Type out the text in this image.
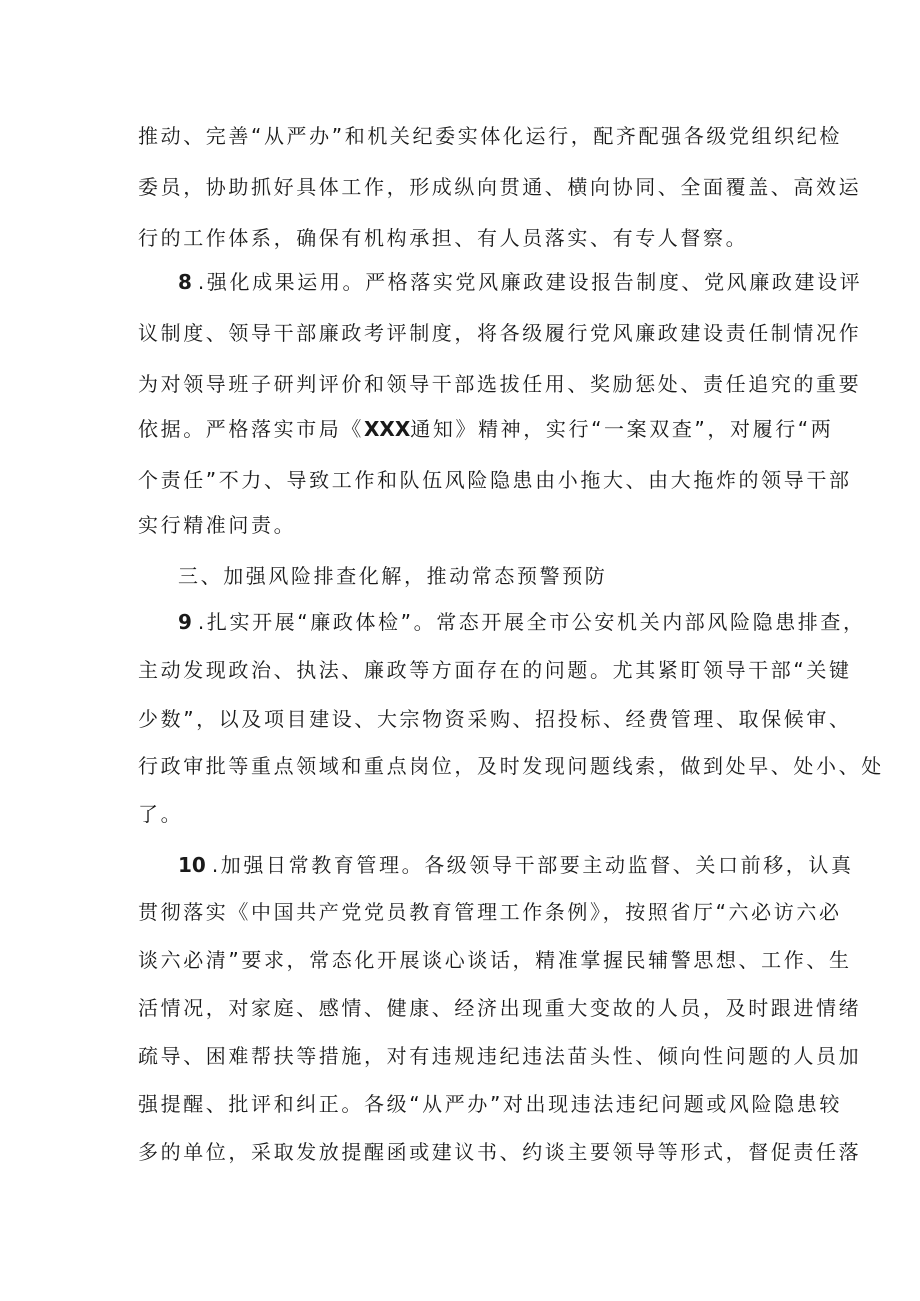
推动、完善“从严办”和机关纪委实体化运行，配齐配强各级党组织纪检
委员，协助抓好具体工作，形成纵向贯通、横向协同、全面覆盖、高效运
行的工作体系，确保有机构承担、有人员落实、有专人督察。
8 .强化成果运用。严格落实党风廉政建设报告制度、党风廉政建设评
议制度、领导干部廉政考评制度，将各级履行党风廉政建设责任制情况作
为对领导班子研判评价和领导干部选拔任用、奖励惩处、责任追究的重要
依据。严格落实市局《XXX通知》精神，实行“一案双查”，对履行“两
个责任”不力、导致工作和队伍风险隐患由小拖大、由大拖炸的领导干部
实行精准问责。
三、加强风险排查化解，推动常态预警预防
9 .扎实开展“廉政体检”。常态开展全市公安机关内部风险隐患排查，
主动发现政治、执法、廉政等方面存在的问题。尤其紧盯领导干部“关键
少数”，以及项目建设、大宗物资采购、招投标、经费管理、取保候审、
行政审批等重点领域和重点岗位，及时发现问题线索，做到处早、处小、处
了。
10 .加强日常教育管理。各级领导干部要主动监督、关口前移，认真
贯彻落实《中国共产党党员教育管理工作条例》，按照省厅“六必访六必
谈六必清”要求，常态化开展谈心谈话，精准掌握民辅警思想、工作、生
活情况，对家庭、感情、健康、经济出现重大变故的人员，及时跟进情绪
疏导、困难帮扶等措施，对有违规违纪违法苗头性、倾向性问题的人员加
强提醒、批评和纠正。各级“从严办”对出现违法违纪问题或风险隐患较
多的单位，采取发放提醒函或建议书、约谈主要领导等形式，督促责任落
